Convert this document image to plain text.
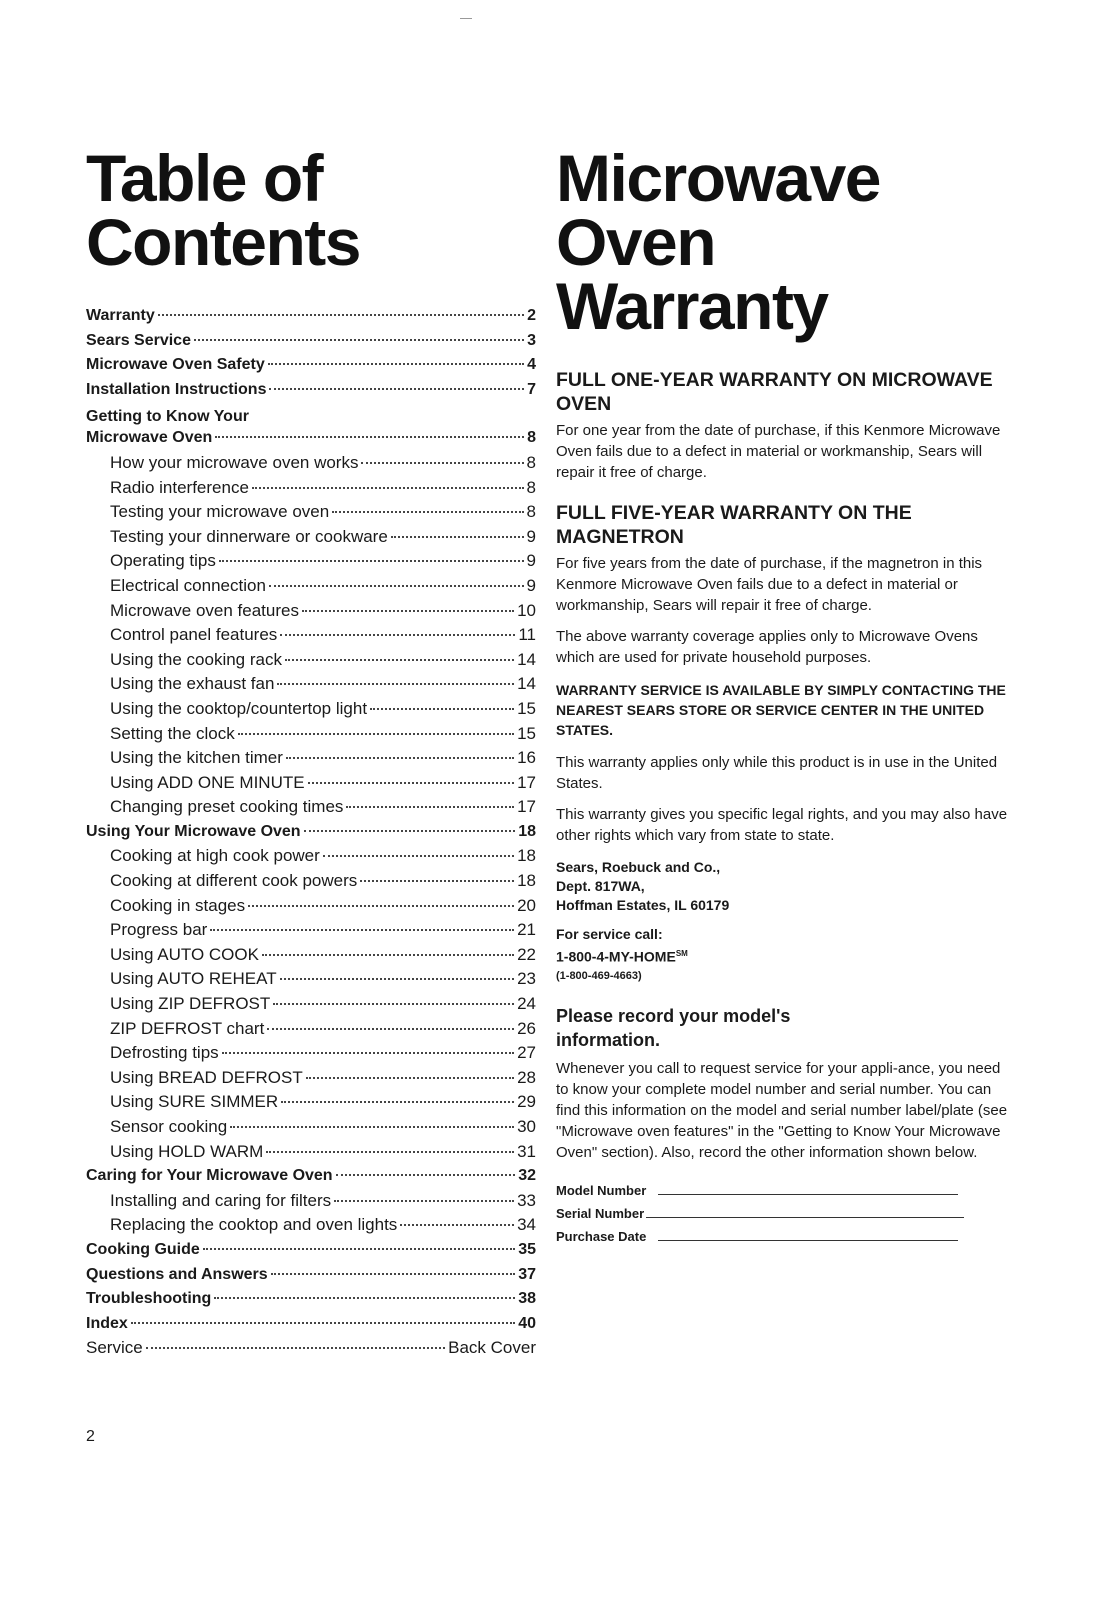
Table of
Contents
Warranty	2
Sears Service	3
Microwave Oven Safety	4
Installation Instructions	7
Getting to Know Your
Microwave Oven	8
How your microwave oven works	8
Radio interference	8
Testing your microwave oven	8
Testing your dinnerware or cookware	9
Operating tips	9
Electrical connection	9
Microwave oven features	10
Control panel features	11
Using the cooking rack	14
Using the exhaust fan	14
Using the cooktop/countertop light	15
Setting the clock	15
Using the kitchen timer	16
Using ADD ONE MINUTE	17
Changing preset cooking times	17
Using Your Microwave Oven	18
Cooking at high cook power	18
Cooking at different cook powers	18
Cooking in stages	20
Progress bar	21
Using AUTO COOK	22
Using AUTO REHEAT	23
Using ZIP DEFROST	24
ZIP DEFROST chart	26
Defrosting tips	27
Using BREAD DEFROST	28
Using SURE SIMMER	29
Sensor cooking	30
Using HOLD WARM	31
Caring for Your Microwave Oven	32
Installing and caring for filters	33
Replacing the cooktop and oven lights	34
Cooking Guide	35
Questions and Answers	37
Troubleshooting	38
Index	40
Service	Back Cover
Microwave
Oven
Warranty

FULL ONE-YEAR WARRANTY ON MICROWAVE OVEN

For one year from the date of purchase, if this Kenmore Microwave Oven fails due to a defect in material or workmanship, Sears will repair it free of charge.

FULL FIVE-YEAR WARRANTY ON THE MAGNETRON

For five years from the date of purchase, if the magnetron in this Kenmore Microwave Oven fails due to a defect in material or workmanship, Sears will repair it free of charge.

The above warranty coverage applies only to Microwave Ovens which are used for private household purposes.

WARRANTY SERVICE IS AVAILABLE BY SIMPLY CONTACTING THE NEAREST SEARS STORE OR SERVICE CENTER IN THE UNITED STATES.

This warranty applies only while this product is in use in the United States.

This warranty gives you specific legal rights, and you may also have other rights which vary from state to state.

Sears, Roebuck and Co.,

Dept. 817WA,

Hoffman Estates, IL 60179

For service call:

1-800-4-MY-HOME℠

(1-800-469-4663)

Please record your model's information.

Whenever you call to request service for your appli-ance, you need to know your complete model number and serial number. You can find this information on the model and serial number label/plate (see "Microwave oven features" in the "Getting to Know Your Microwave Oven" section). Also, record the other information shown below.

Model Number
Serial Number
Purchase Date
2
